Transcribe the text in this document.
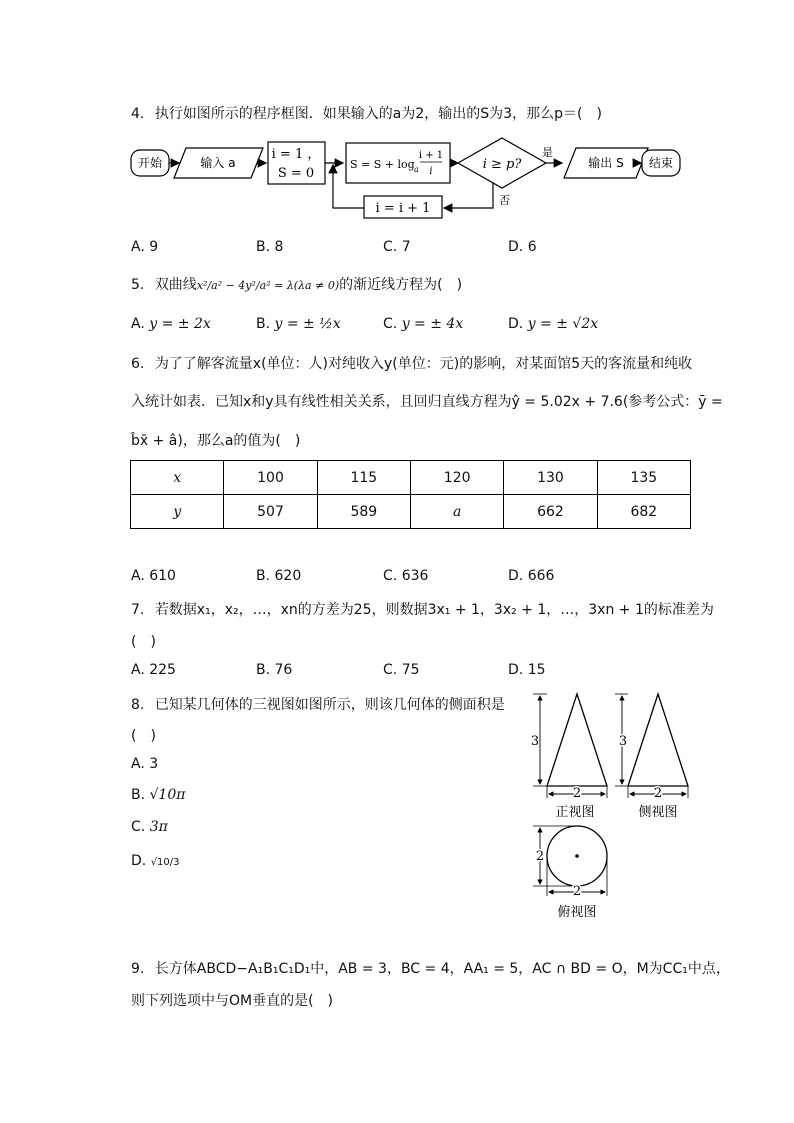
4. 执行如图所示的程序框图．如果输入的a为2，输出的S为3，那么p＝(　)
开始	输入 a
i = 1 ，
S = 0
S = S + log a
i + 1
i	i ≥ p?
是
输出 S 结束
否
i = i + 1
A. 9	B. 8	C. 7	D. 6
5. 双曲线x²/a² − 4y²/a² = λ(λa ≠ 0)的渐近线方程为(　)
A. y = ± 2x	B. y = ± ½x	C. y = ± 4x	D. y = ± √2x
6. 为了了解客流量x(单位：人)对纯收入y(单位：元)的影响，对某面馆5天的客流量和纯收
入统计如表．已知x和y具有线性相关关系，且回归直线方程为ŷ = 5.02x + 7.6(参考公式：ȳ =
b̂x̄ + â)，那么a的值为(　)
x	100	115	120	130	135
y	507	589	a	662	682
A. 610	B. 620	C. 636	D. 666
7. 若数据x₁，x₂，…，xn的方差为25，则数据3x₁ + 1，3x₂ + 1，…，3xn + 1的标准差为
(　)
A. 225	B. 76	C. 75	D. 15
8. 已知某几何体的三视图如图所示，则该几何体的侧面积是
(　)
A. 3
B. √10π
C. 3π
D. √10/3
3
2
正视图
3
2
侧视图
2
2
俯视图
9. 长方体ABCD−A₁B₁C₁D₁中，AB = 3，BC = 4，AA₁ = 5，AC ∩ BD = O，M为CC₁中点，
则下列选项中与OM垂直的是(　)
